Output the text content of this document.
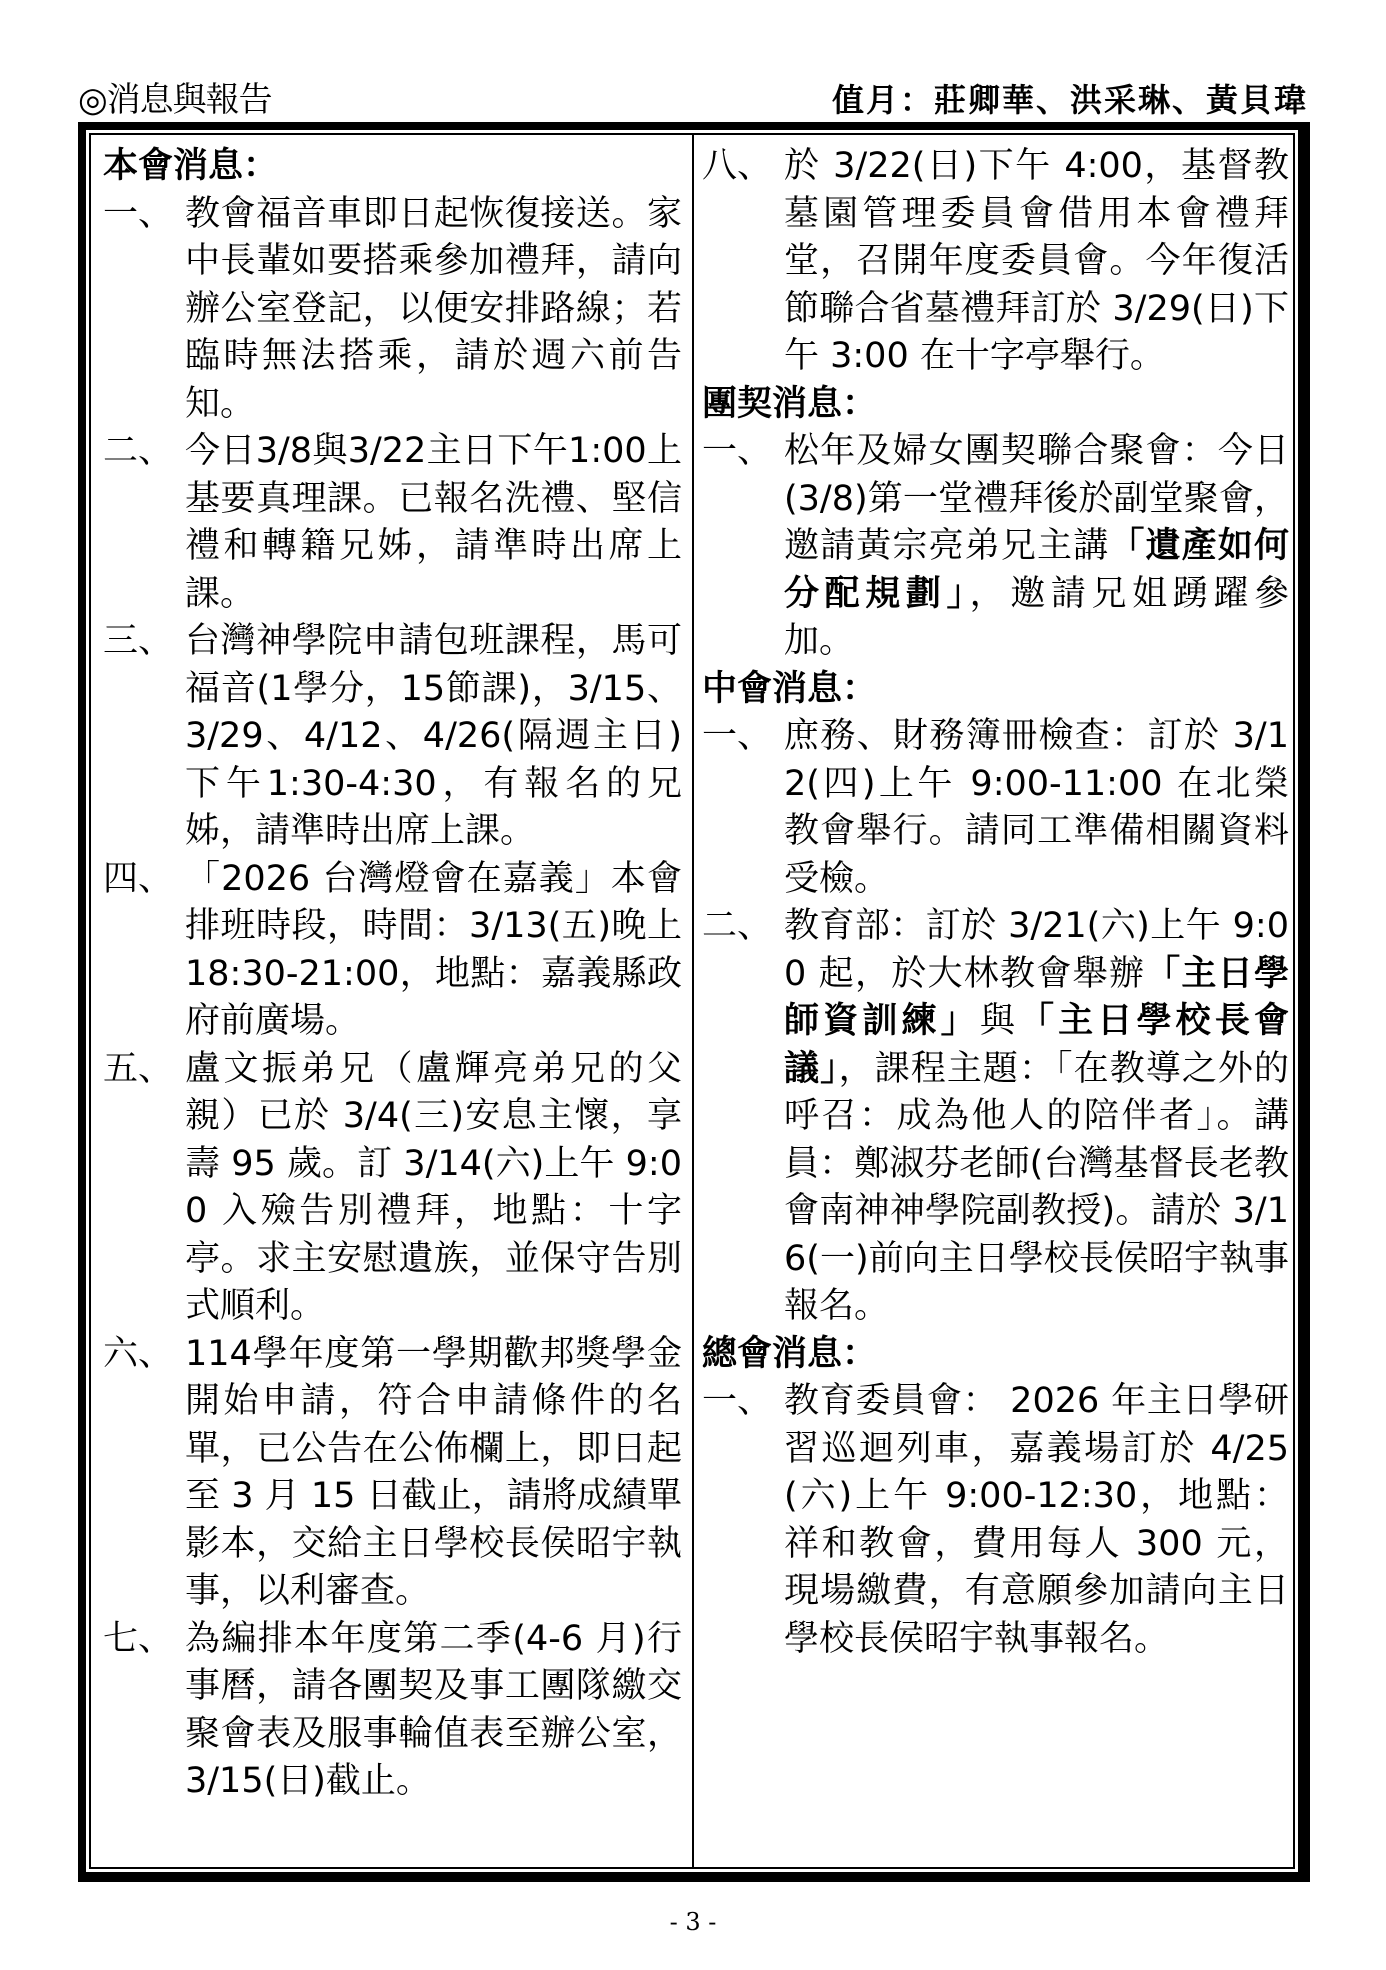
◎消息與報告	值月：莊卿華、洪采琳、黃貝瑋
本會消息：
一、 教會福音車即日起恢復接送。家中長輩如要搭乘參加禮拜，請向辦公室登記，以便安排路線；若臨時無法搭乘，請於週六前告知。
二、 今日3/8與3/22主日下午1:00上基要真理課。已報名洗禮、堅信禮和轉籍兄姊，請準時出席上課。
三、 台灣神學院申請包班課程，馬可福音(1學分，15節課)，3/15、3/29、4/12、4/26(隔週主日)下午1:30-4:30，有報名的兄姊，請準時出席上課。
四、 「2026 台灣燈會在嘉義」本會排班時段，時間：3/13(五)晚上 18:30-21:00，地點：嘉義縣政府前廣場。
五、 盧文振弟兄（盧輝亮弟兄的父親）已於 3/4(三)安息主懷，享壽 95 歲。訂 3/14(六)上午 9:00 入殮告別禮拜，地點：十字亭。求主安慰遺族，並保守告別式順利。
六、 114學年度第一學期歡邦獎學金開始申請，符合申請條件的名單，已公告在公佈欄上，即日起至 3 月 15 日截止，請將成績單影本，交給主日學校長侯昭宇執事，以利審查。
七、 為編排本年度第二季(4-6 月)行事曆，請各團契及事工團隊繳交聚會表及服事輪值表至辦公室，3/15(日)截止。
八、 於 3/22(日)下午 4:00，基督教墓園管理委員會借用本會禮拜堂，召開年度委員會。今年復活節聯合省墓禮拜訂於 3/29(日)下午 3:00 在十字亭舉行。
團契消息：
一、 松年及婦女團契聯合聚會：今日(3/8)第一堂禮拜後於副堂聚會，邀請黃宗亮弟兄主講「遺產如何分配規劃」，邀請兄姐踴躍參加。
中會消息：
一、 庶務、財務簿冊檢查：訂於 3/12(四)上午 9:00-11:00 在北榮教會舉行。請同工準備相關資料受檢。
二、 教育部：訂於 3/21(六)上午 9:00 起，於大林教會舉辦「主日學師資訓練」與「主日學校長會議」，課程主題：「在教導之外的呼召：成為他人的陪伴者」。講員：鄭淑芬老師(台灣基督長老教會南神神學院副教授)。請於 3/16(一)前向主日學校長侯昭宇執事報名。
總會消息：
一、 教育委員會： 2026 年主日學研習巡迴列車，嘉義場訂於 4/25(六)上午 9:00-12:30，地點：祥和教會，費用每人 300 元，現場繳費，有意願參加請向主日學校長侯昭宇執事報名。
- 3 -
